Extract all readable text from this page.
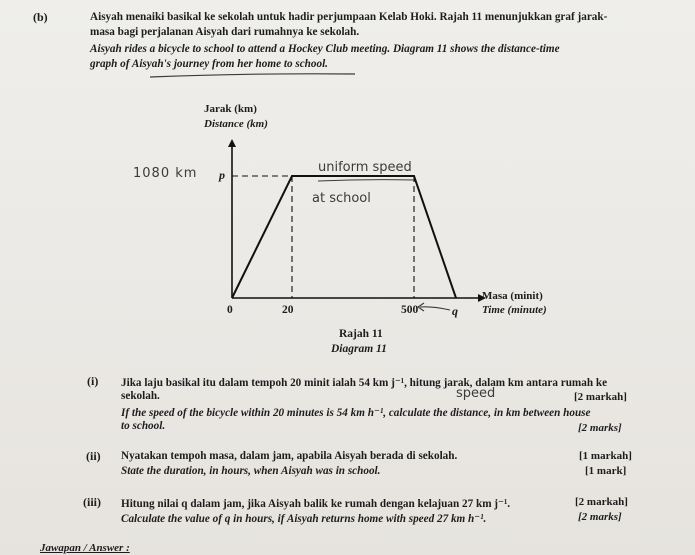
(b)	Aisyah menaiki basikal ke sekolah untuk hadir perjumpaan Kelab Hoki. Rajah 11 menunjukkan graf jarak-
masa bagi perjalanan Aisyah dari rumahnya ke sekolah.
Aisyah rides a bicycle to school to attend a Hockey Club meeting. Diagram 11 shows the distance-time
graph of Aisyah's journey from her home to school.
Jarak (km)
Distance (km)
p
1080 km	uniform speed
at school
0	20	500	q
Masa (minit)
Time (minute)
Rajah 11
Diagram 11
(i) Jika laju basikal itu dalam tempoh 20 minit ialah 54 km j⁻¹, hitung jarak, dalam km antara rumah ke
sekolah.	speed	[2 markah]
If the speed of the bicycle within 20 minutes is 54 km h⁻¹, calculate the distance, in km between house
to school.	[2 marks]
(ii) Nyatakan tempoh masa, dalam jam, apabila Aisyah berada di sekolah.	[1 markah]
State the duration, in hours, when Aisyah was in school.	[1 mark]
(iii) Hitung nilai q dalam jam, jika Aisyah balik ke rumah dengan kelajuan 27 km j⁻¹.	[2 markah]
Calculate the value of q in hours, if Aisyah returns home with speed 27 km h⁻¹.	[2 marks]
Jawapan / Answer :
